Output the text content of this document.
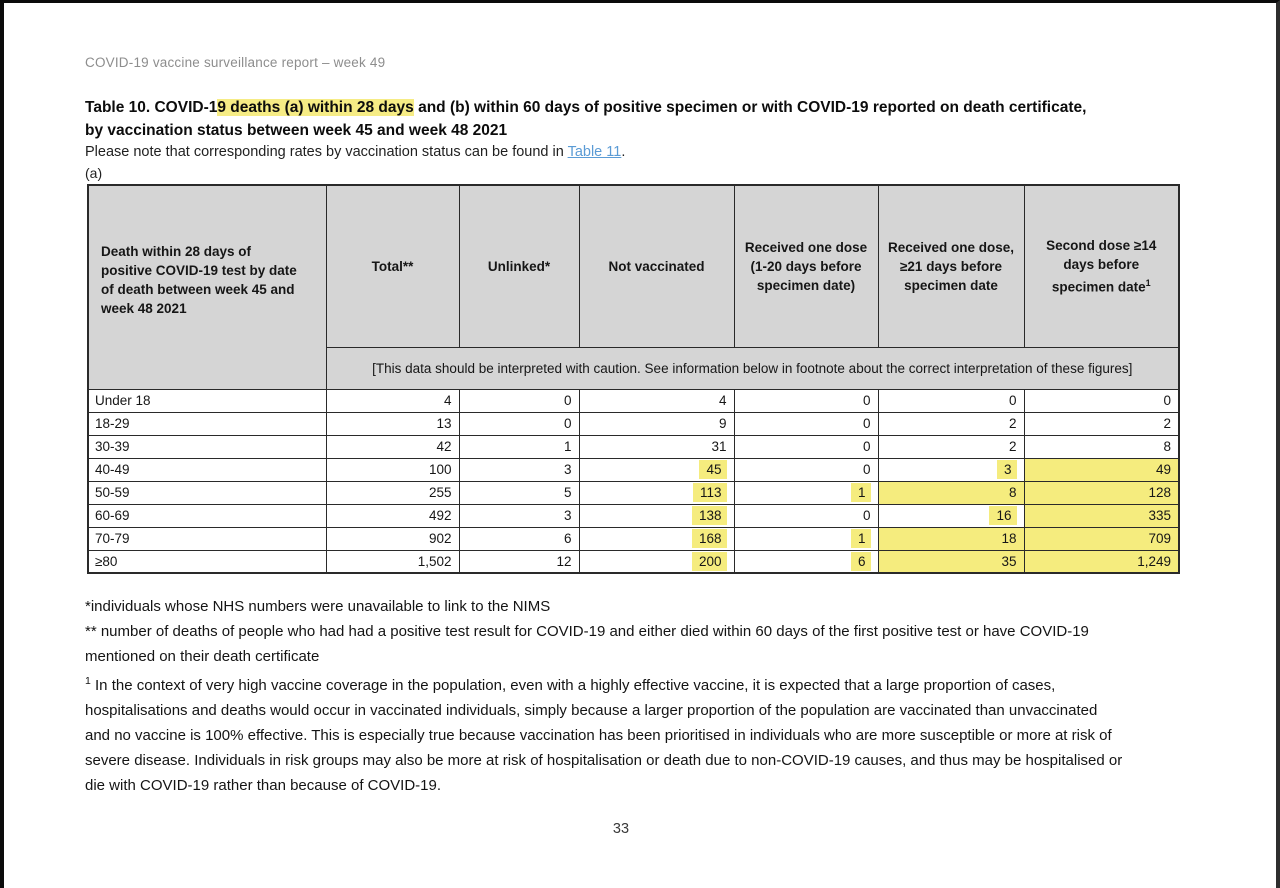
COVID-19 vaccine surveillance report – week 49
Table 10. COVID-19 deaths (a) within 28 days and (b) within 60 days of positive specimen or with COVID-19 reported on death certificate, by vaccination status between week 45 and week 48 2021
Please note that corresponding rates by vaccination status can be found in Table 11.
(a)
Death within 28 days of positive COVID-19 test by date of death between week 45 and week 48 2021	Total**	Unlinked*	Not vaccinated	Received one dose (1-20 days before specimen date)	Received one dose, ≥21 days before specimen date	Second dose ≥14 days before specimen date$^1$
	[This data should be interpreted with caution. See information below in footnote about the correct interpretation of these figures]					
Under 18	4	0	4	0	0	0
18-29	13	0	9	0	2	2
30-39	42	1	31	0	2	8
40-49	100	3	45	0	3	49
50-59	255	5	113	1	8	128
60-69	492	3	138	0	16	335
70-79	902	6	168	1	18	709
≥80	1,502	12	200	6	35	1,249

*individuals whose NHS numbers were unavailable to link to the NIMS

** number of deaths of people who had had a positive test result for COVID-19 and either died within 60 days of the first positive test or have COVID-19 mentioned on their death certificate

$^1$ In the context of very high vaccine coverage in the population, even with a highly effective vaccine, it is expected that a large proportion of cases, hospitalisations and deaths would occur in vaccinated individuals, simply because a larger proportion of the population are vaccinated than unvaccinated and no vaccine is 100% effective. This is especially true because vaccination has been prioritised in individuals who are more susceptible or more at risk of severe disease. Individuals in risk groups may also be more at risk of hospitalisation or death due to non-COVID-19 causes, and thus may be hospitalised or die with COVID-19 rather than because of COVID-19.

33
